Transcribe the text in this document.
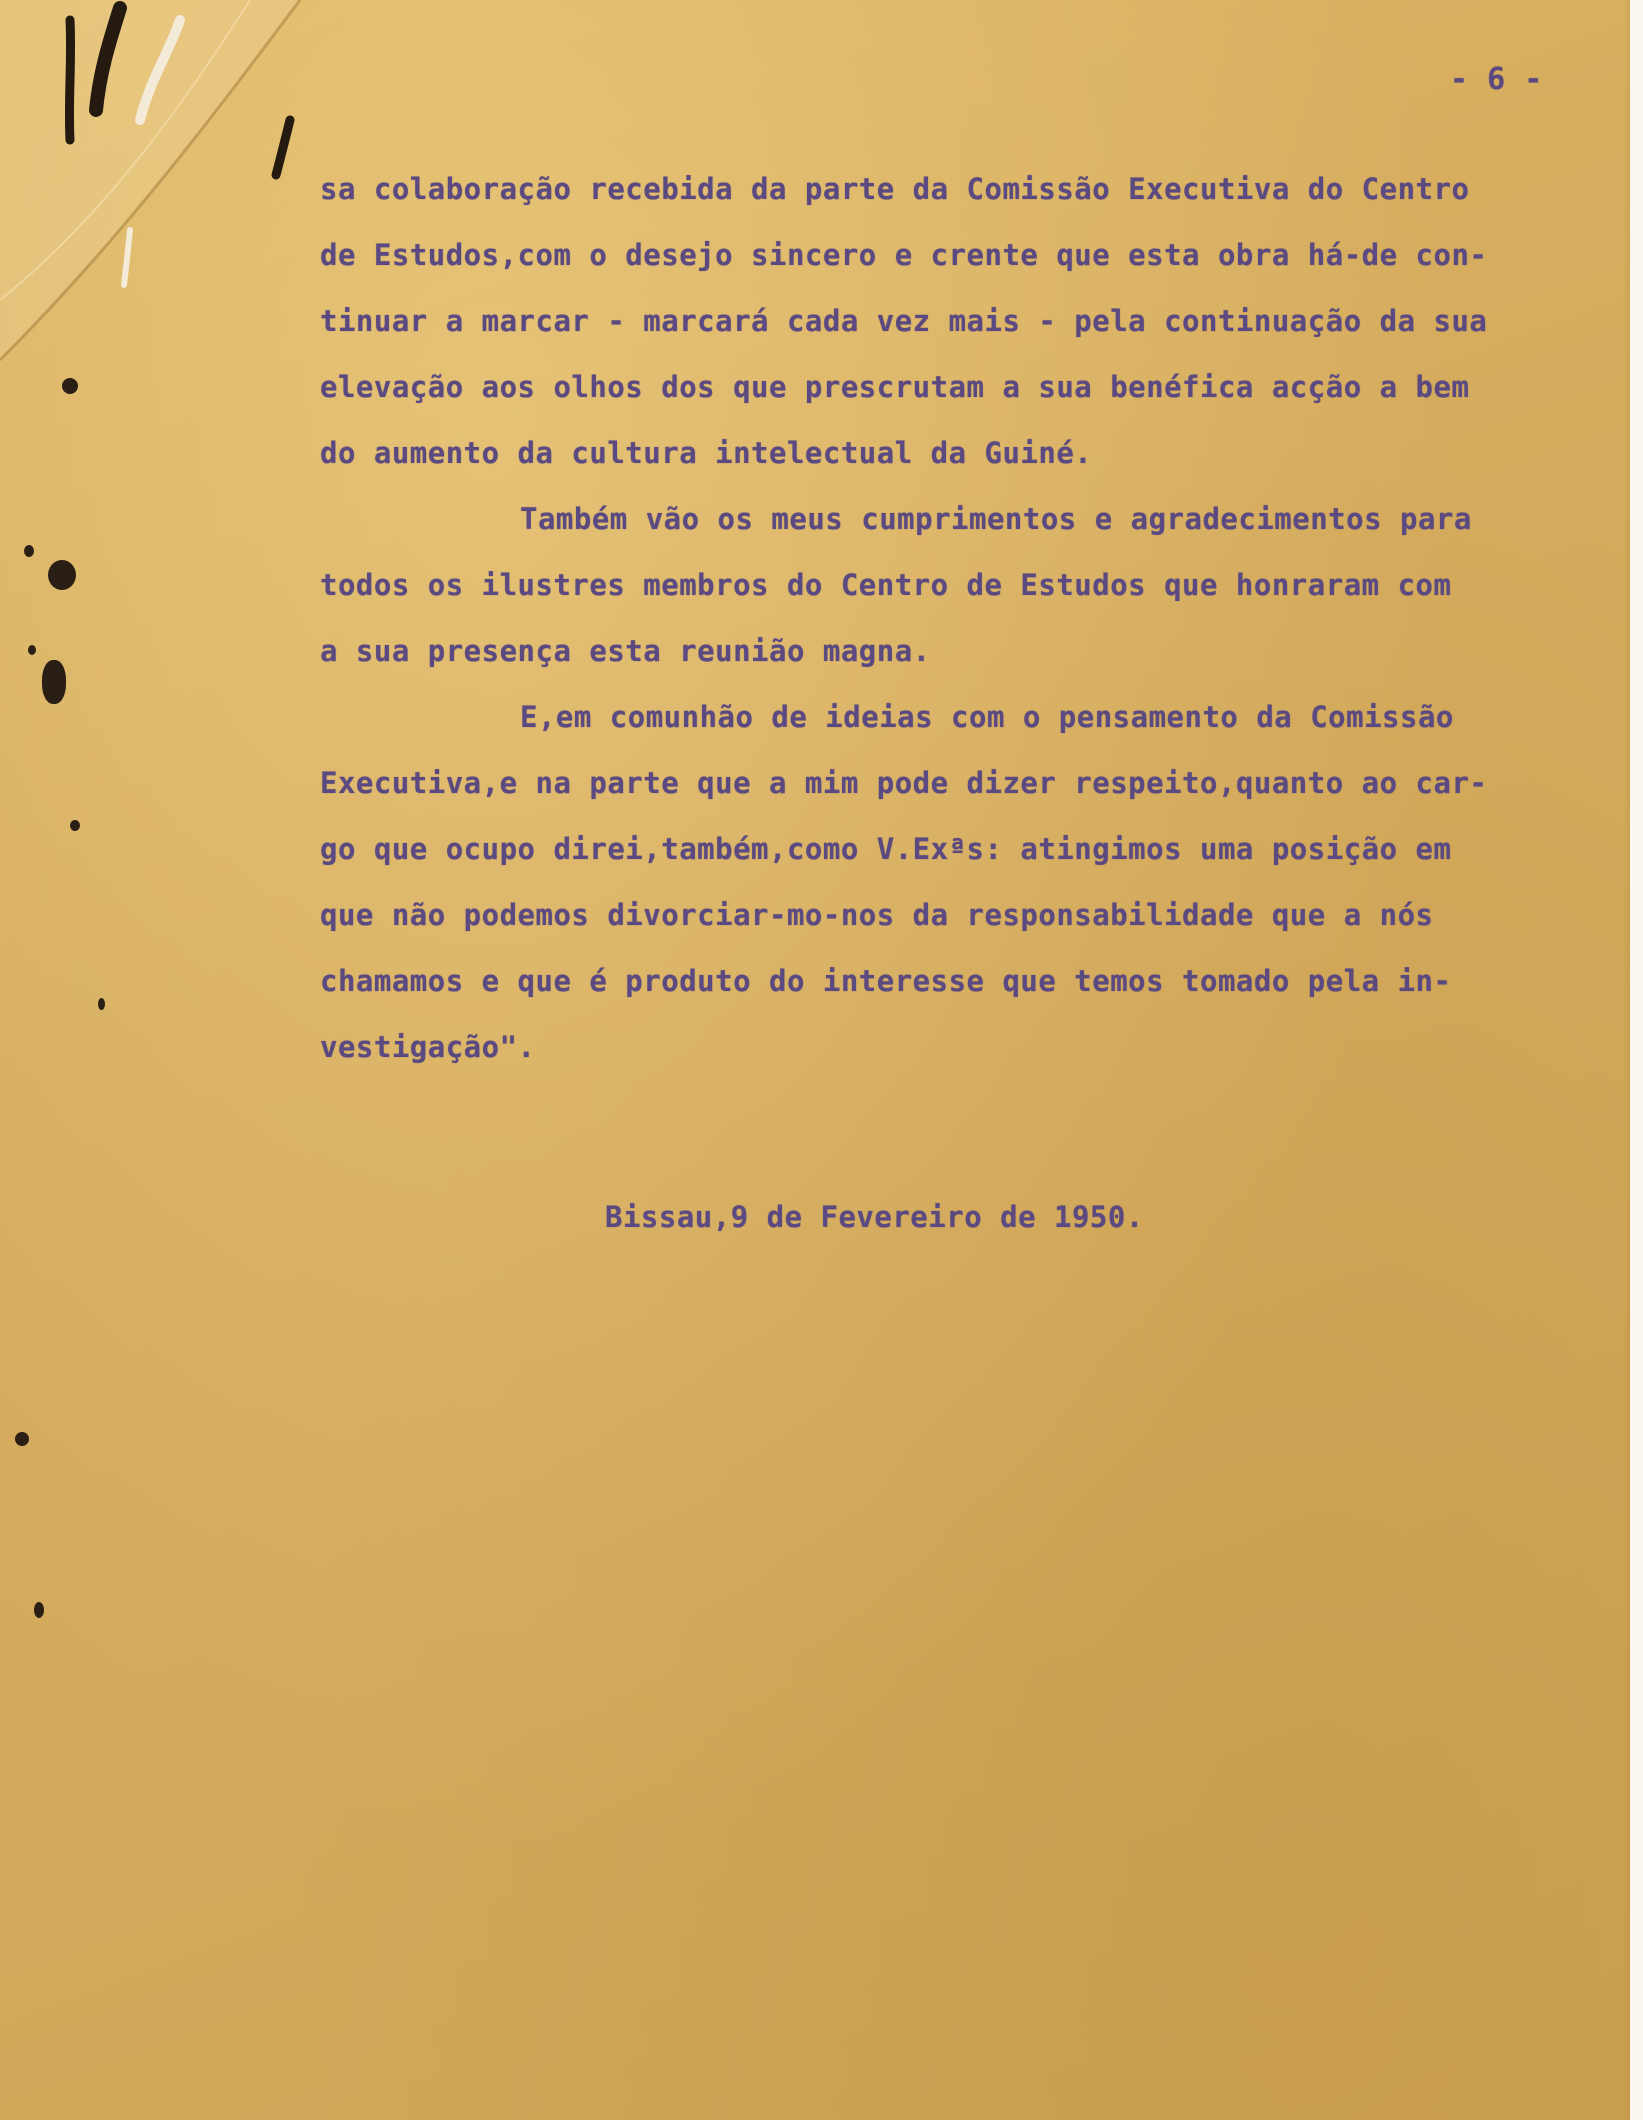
- 6 -
sa colaboração recebida da parte da Comissão Executiva do Centro
de Estudos,com o desejo sincero e crente que esta obra há-de con-
tinuar a marcar - marcará cada vez mais - pela continuação da sua
elevação aos olhos dos que prescrutam a sua benéfica acção a bem
do aumento da cultura intelectual da Guiné.
Também vão os meus cumprimentos e agradecimentos para
todos os ilustres membros do Centro de Estudos que honraram com
a sua presença esta reunião magna.
E,em comunhão de ideias com o pensamento da Comissão
Executiva,e na parte que a mim pode dizer respeito,quanto ao car-
go que ocupo direi,também,como V.Exªs: atingimos uma posição em
que não podemos divorciar-mo-nos da responsabilidade que a nós
chamamos e que é produto do interesse que temos tomado pela in-
vestigação".
Bissau,9 de Fevereiro de 1950.
